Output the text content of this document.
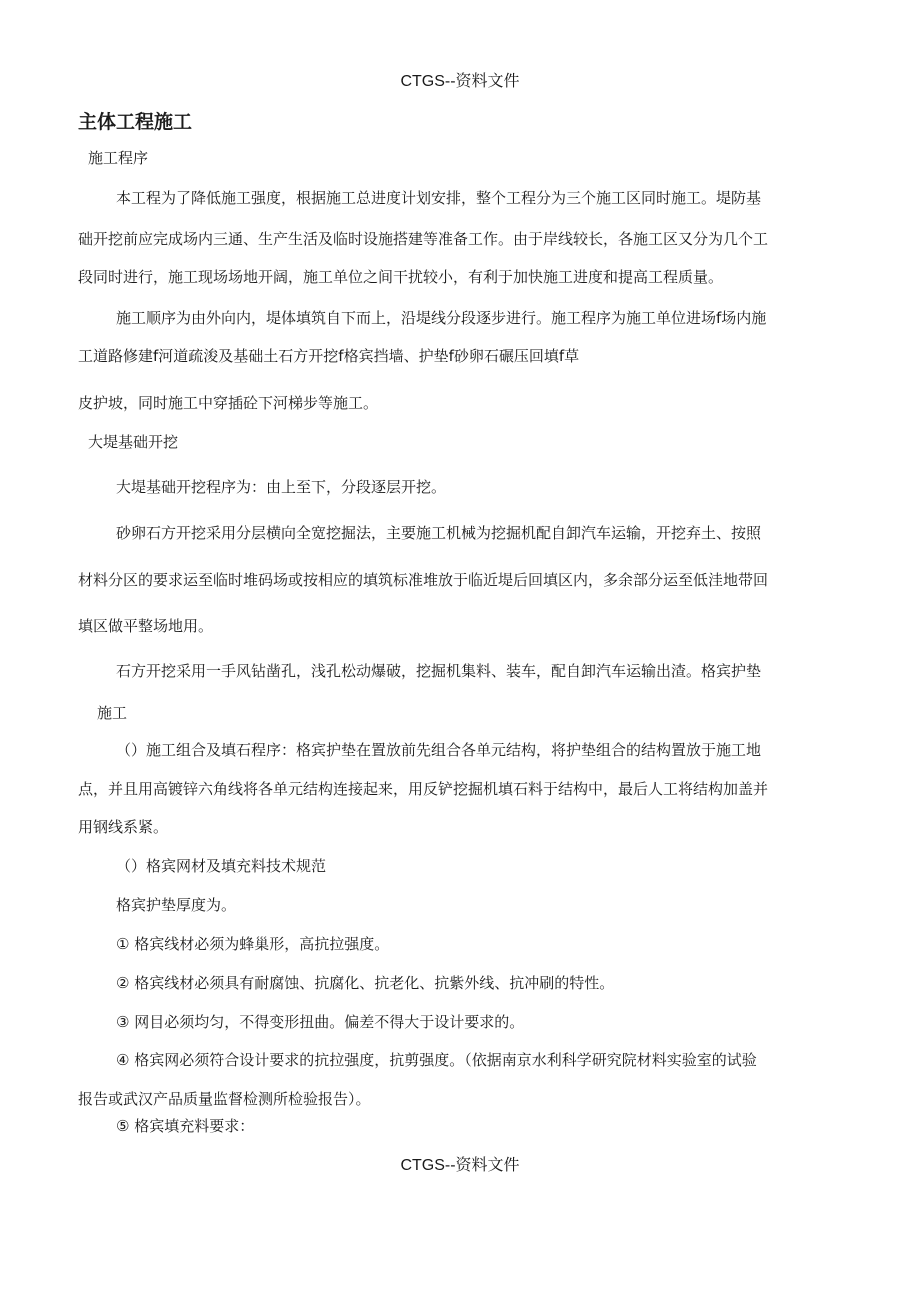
CTGS--资料文件
主体工程施工
施工程序
本工程为了降低施工强度，根据施工总进度计划安排，整个工程分为三个施工区同时施工。堤防基
础开挖前应完成场内三通、生产生活及临时设施搭建等准备工作。由于岸线较长，各施工区又分为几个工
段同时进行，施工现场场地开阔，施工单位之间干扰较小，有利于加快施工进度和提高工程质量。
施工顺序为由外向内，堤体填筑自下而上，沿堤线分段逐步进行。施工程序为施工单位进场f场内施
工道路修建f河道疏浚及基础土石方开挖f格宾挡墙、护垫f砂卵石碾压回填f草
皮护坡，同时施工中穿插砼下河梯步等施工。
大堤基础开挖
大堤基础开挖程序为：由上至下，分段逐层开挖。
砂卵石方开挖采用分层横向全宽挖掘法，主要施工机械为挖掘机配自卸汽车运输，开挖弃土、按照
材料分区的要求运至临时堆码场或按相应的填筑标准堆放于临近堤后回填区内，多余部分运至低洼地带回
填区做平整场地用。
石方开挖采用一手风钻凿孔，浅孔松动爆破，挖掘机集料、装车，配自卸汽车运输出渣。格宾护垫
施工
（）施工组合及填石程序：格宾护垫在置放前先组合各单元结构，将护垫组合的结构置放于施工地
点，并且用高镀锌六角线将各单元结构连接起来，用反铲挖掘机填石料于结构中，最后人工将结构加盖并
用钢线系紧。
（）格宾网材及填充料技术规范
格宾护垫厚度为。
① 格宾线材必须为蜂巢形，高抗拉强度。
② 格宾线材必须具有耐腐蚀、抗腐化、抗老化、抗紫外线、抗冲刷的特性。
③ 网目必须均匀，不得变形扭曲。偏差不得大于设计要求的。
④ 格宾网必须符合设计要求的抗拉强度，抗剪强度。（依据南京水利科学研究院材料实验室的试验
报告或武汉产品质量监督检测所检验报告）。
⑤ 格宾填充料要求：
CTGS--资料文件
